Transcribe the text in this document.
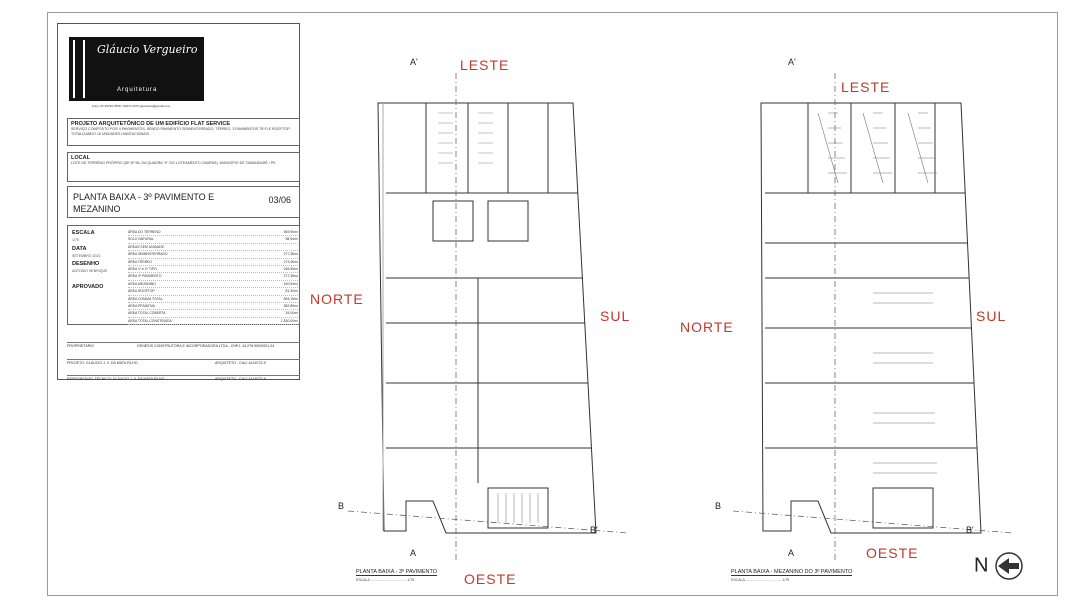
Gláucio Vergueiro
Arquitetura
Fone: 81 99756.7859 / 99474.2076 glaucioarq@gmail.com
PROJETO ARQUITETÔNICO DE UM EDIFÍCIO FLAT SERVICE
SERVIÇO COMPOSTO POR 4 PAVIMENTOS, SENDO PAVIMENTO SEMIENTERRADO, TÉRREO, 3 PAVIMENTOS TIPO E ROOFTOP. TOTALIZANDO 16 UNIDADES HABITACIONAIS
LOCAL
LOTE DE TERRENO PRÓPRIO (DE Nº 56, DA QUADRA "K" DO LOTEAMENTO CAMPAS), MUNICÍPIO DE TAMANDARÉ / PE
PLANTA BAIXA - 3º PAVIMENTO E MEZANINO
03/06
ESCALA
1/75
DATA
SETEMBRO 2022
DESENHO
ANTONIO HENRIQUE
APROVADO
ÁREA DO TERRENO	469,90m²
SOLO NATURAL	98,94m²
ÁREAS SEM UNIDADE
ÁREA SEMIENTERRADO	277,38m²
ÁREA TÉRREO	273,45m²
ÁREA 1º e 2º TIPO	246,95m²
ÁREA 3º PAVIMENTO	277,38m²
ÁREA MEZANINO	150,94m²
ÁREA ROOFTOP	81,30m²
ÁREA COMUM TOTAL	594,19m²
ÁREA PRIVATIVA	982,89m²
ÁREA TOTAL COBERTA	34,00m²
ÁREA TOTAL CONSTRUÍDA	1.530,00m²
PROPRIETÁRIO	GENESIS CONSTRUTORA E INCORPORADORA LTDA - CNPJ: 44.278.990/0001-24
PROJETO: GLÁUCIO J. V. DA MATA FILHO	ARQUITETO - CAU: A118722-9
RESPONSÁVEL TÉCNICO: GLÁUCIO J. V. DA MATA FILHO	ARQUITETO - CAU: A118722-9
LESTE
NORTE
SUL
OESTE
A'
A
B
B'
PLANTA BAIXA - 3º PAVIMENTO
ESCALA ..................................... 1/75
LESTE
NORTE
SUL
OESTE
A'
A
B
B'
PLANTA BAIXA - MEZANINO DO 3º PAVIMENTO
ESCALA ..................................... 1/75
N
